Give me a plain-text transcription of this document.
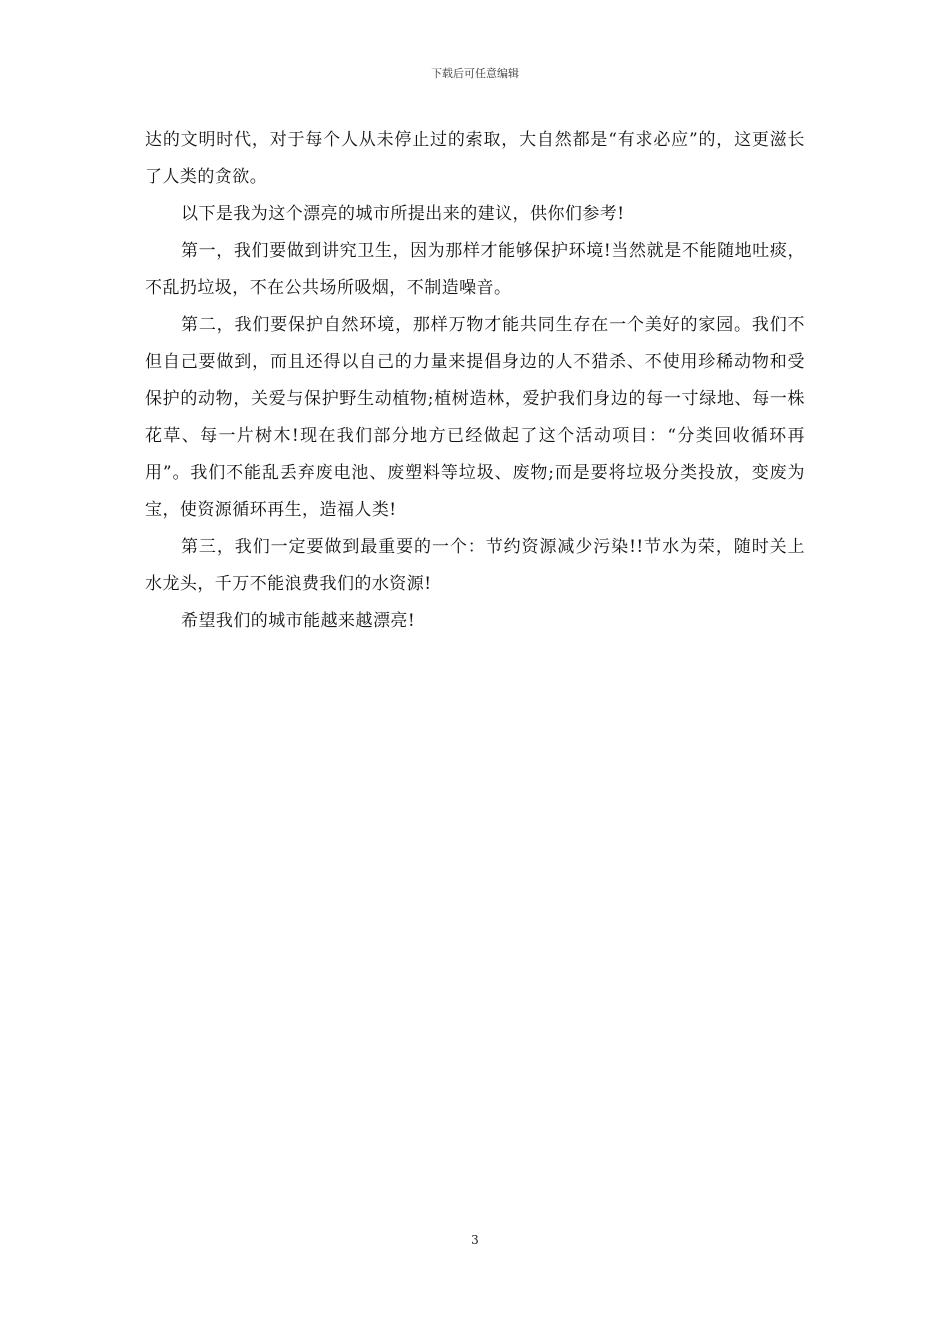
下载后可任意编辑

达的文明时代，对于每个人从未停止过的索取，大自然都是“有求必应”的，这更滋长了人类的贪欲。

以下是我为这个漂亮的城市所提出来的建议，供你们参考!

第一，我们要做到讲究卫生，因为那样才能够保护环境!当然就是不能随地吐痰，不乱扔垃圾，不在公共场所吸烟，不制造噪音。

第二，我们要保护自然环境，那样万物才能共同生存在一个美好的家园。我们不但自己要做到，而且还得以自己的力量来提倡身边的人不猎杀、不使用珍稀动物和受保护的动物，关爱与保护野生动植物;植树造林，爱护我们身边的每一寸绿地、每一株花草、每一片树木!现在我们部分地方已经做起了这个活动项目：“分类回收循环再用”。我们不能乱丢弃废电池、废塑料等垃圾、废物;而是要将垃圾分类投放，变废为宝，使资源循环再生，造福人类!

第三，我们一定要做到最重要的一个：节约资源减少污染!!节水为荣，随时关上水龙头，千万不能浪费我们的水资源!

希望我们的城市能越来越漂亮!

3
